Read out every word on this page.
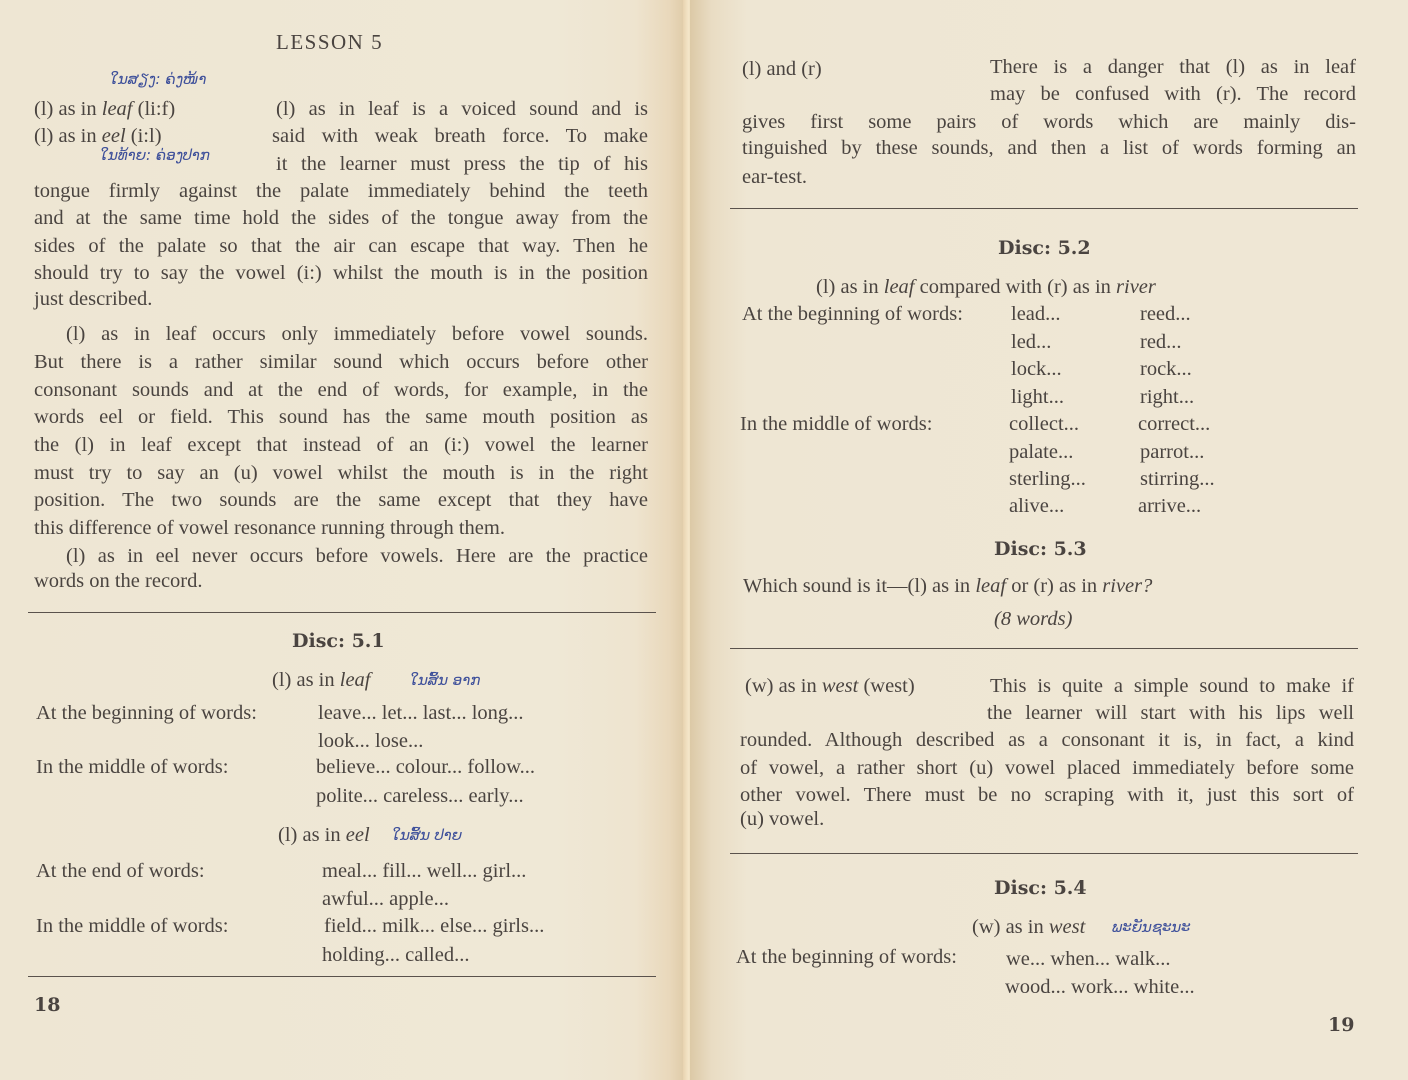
LESSON 5
ໃນສຽງ: ຄ່ງໜ້າ
ໃນທ້າຍ: ຄ່ອງປາກ
(l) as in leaf (li:f)
(l) as in eel (i:l)
(l) as in leaf is a voiced sound and is
said with weak breath force. To make
it the learner must press the tip of his
tongue firmly against the palate immediately behind the teeth
and at the same time hold the sides of the tongue away from the
sides of the palate so that the air can escape that way. Then he
should try to say the vowel (i:) whilst the mouth is in the position
just described.
(l) as in leaf occurs only immediately before vowel sounds.
But there is a rather similar sound which occurs before other
consonant sounds and at the end of words, for example, in the
words eel or field. This sound has the same mouth position as
the (l) in leaf except that instead of an (i:) vowel the learner
must try to say an (u) vowel whilst the mouth is in the right
position. The two sounds are the same except that they have
this difference of vowel resonance running through them.
(l) as in eel never occurs before vowels. Here are the practice
words on the record.
Disc: 5.1
(l) as in leaf	ໃນສົ້ນ ອາກ
At the beginning of words:	leave... let... last... long...
look... lose...
In the middle of words:	believe... colour... follow...
polite... careless... early...
(l) as in eel ໃນສົ້ນ ປາຍ
At the end of words:	meal... fill... well... girl...
awful... apple...
In the middle of words:	field... milk... else... girls...
holding... called...
18
(l) and (r)	There is a danger that (l) as in leaf
may be confused with (r). The record
gives first some pairs of words which are mainly dis-
tinguished by these sounds, and then a list of words forming an
ear-test.
Disc: 5.2
(l) as in leaf compared with (r) as in river
At the beginning of words: lead...	reed...
led...	red...
lock...	rock...
light...	right...
In the middle of words:	collect...	correct...
palate...	parrot...
sterling...	stirring...
alive...	arrive...
Disc: 5.3
Which sound is it—(l) as in leaf or (r) as in river?
(8 words)
(w) as in west (west)	This is quite a simple sound to make if
the learner will start with his lips well
rounded. Although described as a consonant it is, in fact, a kind
of vowel, a rather short (u) vowel placed immediately before some
other vowel. There must be no scraping with it, just this sort of
(u) vowel.
Disc: 5.4
(w) as in west ພະຍັນຊະນະ
At the beginning of words: we... when... walk...
wood... work... white...
19
